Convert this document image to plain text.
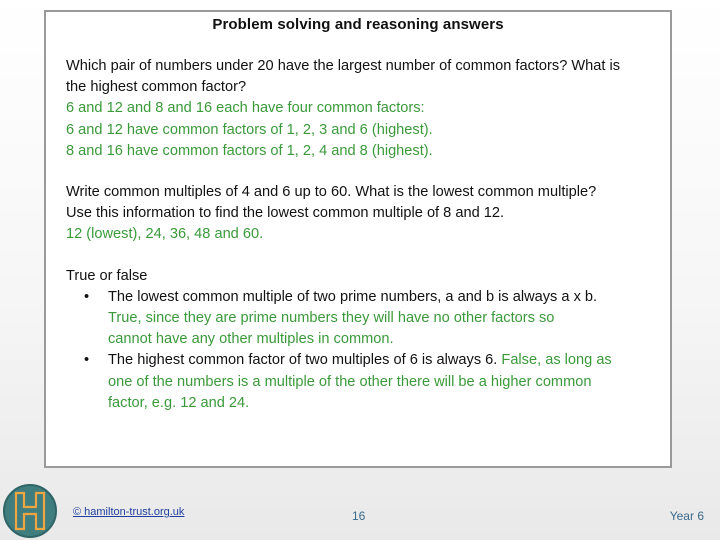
Problem solving and reasoning answers

Which pair of numbers under 20 have the largest number of common factors? What is

the highest common factor?

6 and 12 and 8 and 16 each have four common factors:

6 and 12 have common factors of 1, 2, 3 and 6 (highest).

8 and 16 have common factors of 1, 2, 4 and 8 (highest).

Write common multiples of 4 and 6 up to 60. What is the lowest common multiple?

Use this information to find the lowest common multiple of 8 and 12.

12 (lowest), 24, 36, 48 and 60.

True or false

• The lowest common multiple of two prime numbers, a and b is always a x b.
True, since they are prime numbers they will have no other factors so
cannot have any other multiples in common.
• The highest common factor of two multiples of 6 is always 6. False, as long as
one of the numbers is a multiple of the other there will be a higher common
factor, e.g. 12 and 24.
H
© hamilton-trust.org.uk	16	Year 6
